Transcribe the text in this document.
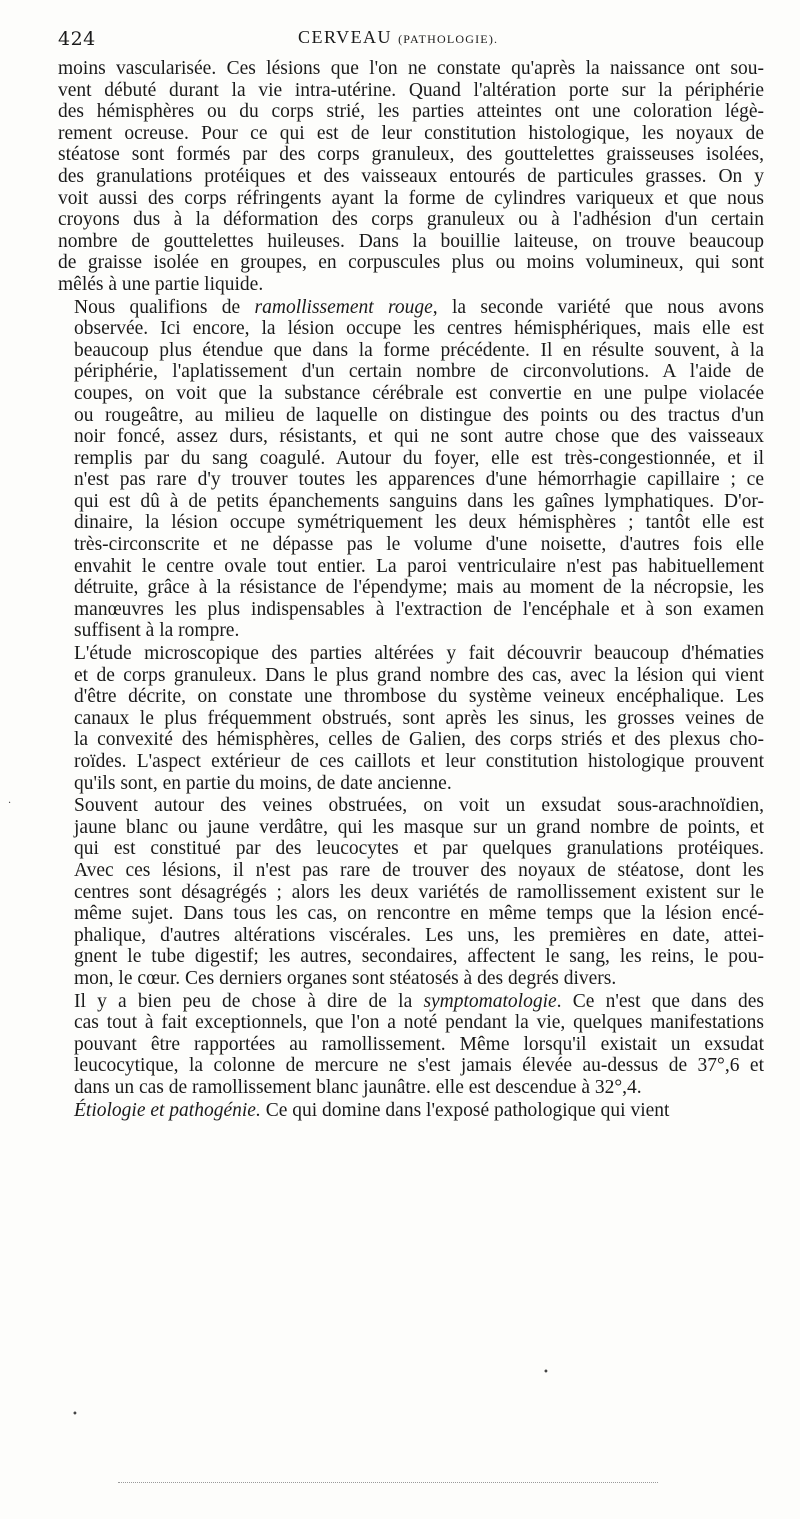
424	CERVEAU (PATHOLOGIE).
moins vascularisée. Ces lésions que l'on ne constate qu'après la naissance ont sou-
vent débuté durant la vie intra-utérine. Quand l'altération porte sur la périphérie
des hémisphères ou du corps strié, les parties atteintes ont une coloration légè-
rement ocreuse. Pour ce qui est de leur constitution histologique, les noyaux de
stéatose sont formés par des corps granuleux, des gouttelettes graisseuses isolées,
des granulations protéiques et des vaisseaux entourés de particules grasses. On y
voit aussi des corps réfringents ayant la forme de cylindres variqueux et que nous
croyons dus à la déformation des corps granuleux ou à l'adhésion d'un certain
nombre de gouttelettes huileuses. Dans la bouillie laiteuse, on trouve beaucoup
de graisse isolée en groupes, en corpuscules plus ou moins volumineux, qui sont
mêlés à une partie liquide.
Nous qualifions de ramollissement rouge, la seconde variété que nous avons
observée. Ici encore, la lésion occupe les centres hémisphériques, mais elle est
beaucoup plus étendue que dans la forme précédente. Il en résulte souvent, à la
périphérie, l'aplatissement d'un certain nombre de circonvolutions. A l'aide de
coupes, on voit que la substance cérébrale est convertie en une pulpe violacée
ou rougeâtre, au milieu de laquelle on distingue des points ou des tractus d'un
noir foncé, assez durs, résistants, et qui ne sont autre chose que des vaisseaux
remplis par du sang coagulé. Autour du foyer, elle est très-congestionnée, et il
n'est pas rare d'y trouver toutes les apparences d'une hémorrhagie capillaire ; ce
qui est dû à de petits épanchements sanguins dans les gaînes lymphatiques. D'or-
dinaire, la lésion occupe symétriquement les deux hémisphères ; tantôt elle est
très-circonscrite et ne dépasse pas le volume d'une noisette, d'autres fois elle
envahit le centre ovale tout entier. La paroi ventriculaire n'est pas habituellement
détruite, grâce à la résistance de l'épendyme; mais au moment de la nécropsie, les
manœuvres les plus indispensables à l'extraction de l'encéphale et à son examen
suffisent à la rompre.
L'étude microscopique des parties altérées y fait découvrir beaucoup d'hématies
et de corps granuleux. Dans le plus grand nombre des cas, avec la lésion qui vient
d'être décrite, on constate une thrombose du système veineux encéphalique. Les
canaux le plus fréquemment obstrués, sont après les sinus, les grosses veines de
la convexité des hémisphères, celles de Galien, des corps striés et des plexus cho-
roïdes. L'aspect extérieur de ces caillots et leur constitution histologique prouvent
qu'ils sont, en partie du moins, de date ancienne.
Souvent autour des veines obstruées, on voit un exsudat sous-arachnoïdien,
jaune blanc ou jaune verdâtre, qui les masque sur un grand nombre de points, et
qui est constitué par des leucocytes et par quelques granulations protéiques.
Avec ces lésions, il n'est pas rare de trouver des noyaux de stéatose, dont les
centres sont désagrégés ; alors les deux variétés de ramollissement existent sur le
même sujet. Dans tous les cas, on rencontre en même temps que la lésion encé-
phalique, d'autres altérations viscérales. Les uns, les premières en date, attei-
gnent le tube digestif; les autres, secondaires, affectent le sang, les reins, le pou-
mon, le cœur. Ces derniers organes sont stéatosés à des degrés divers.
Il y a bien peu de chose à dire de la symptomatologie. Ce n'est que dans des
cas tout à fait exceptionnels, que l'on a noté pendant la vie, quelques manifestations
pouvant être rapportées au ramollissement. Même lorsqu'il existait un exsudat
leucocytique, la colonne de mercure ne s'est jamais élevée au-dessus de 37°,6 et
dans un cas de ramollissement blanc jaunâtre. elle est descendue à 32°,4.
Étiologie et pathogénie. Ce qui domine dans l'exposé pathologique qui vient
·
•
•
